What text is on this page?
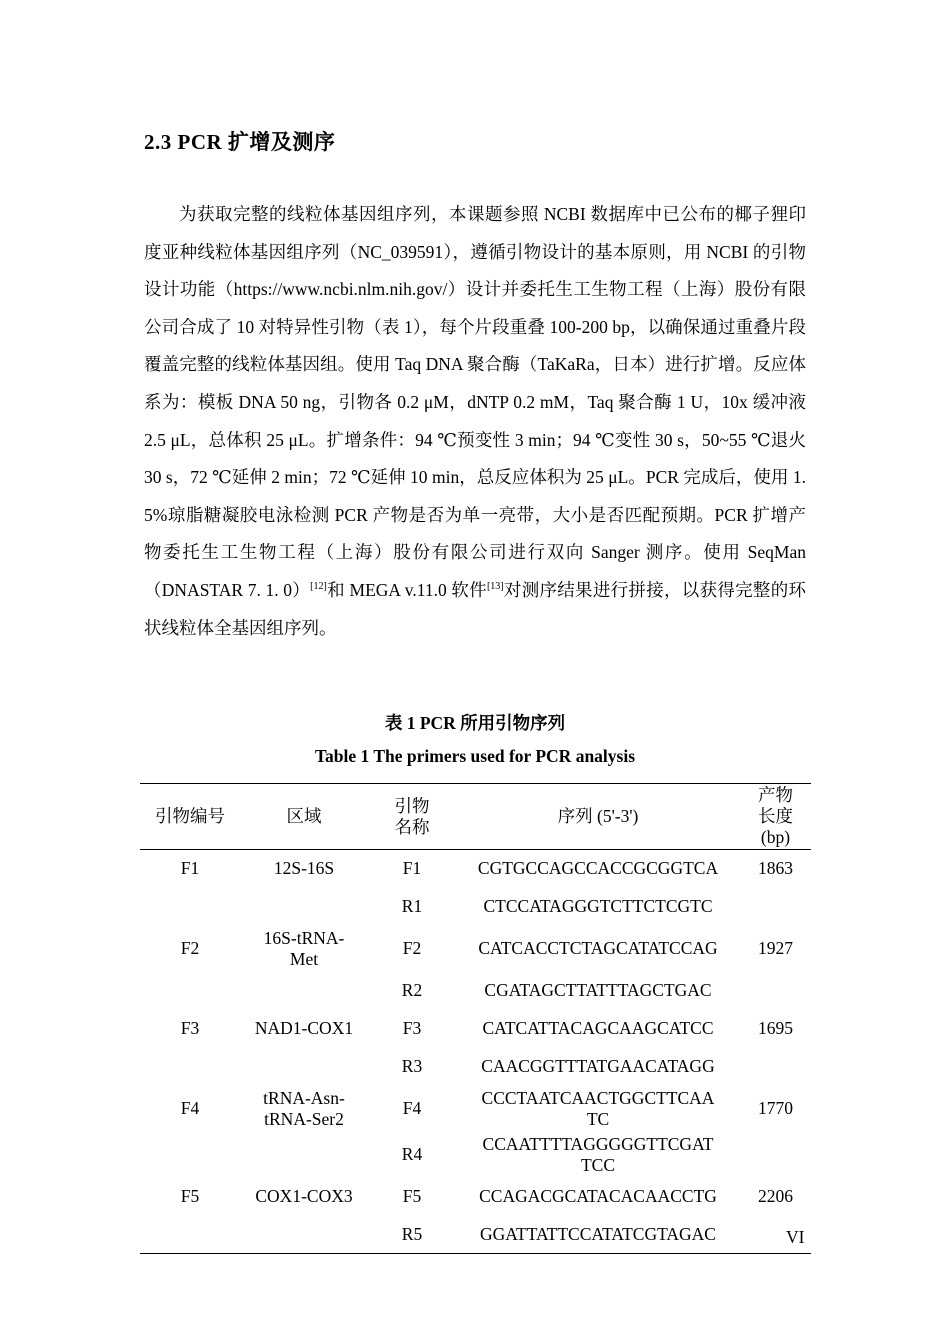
2.3 PCR 扩增及测序
为获取完整的线粒体基因组序列，本课题参照 NCBI 数据库中已公布的椰子狸印度亚种线粒体基因组序列（NC_039591），遵循引物设计的基本原则，用 NCBI 的引物设计功能（https://www.ncbi.nlm.nih.gov/）设计并委托生工生物工程（上海）股份有限公司合成了 10 对特异性引物（表 1），每个片段重叠 100-200 bp，以确保通过重叠片段覆盖完整的线粒体基因组。使用 Taq DNA 聚合酶（TaKaRa，日本）进行扩增。反应体系为：模板 DNA 50 ng，引物各 0.2 μM，dNTP 0.2 mM，Taq 聚合酶 1 U，10x 缓冲液 2.5 μL，总体积 25 μL。扩增条件：94 ℃预变性 3 min；94 ℃变性 30 s，50~55 ℃退火 30 s，72 ℃延伸 2 min；72 ℃延伸 10 min，总反应体积为 25 μL。PCR 完成后，使用 1. 5%琼脂糖凝胶电泳检测 PCR 产物是否为单一亮带，大小是否匹配预期。PCR 扩增产物委托生工生物工程（上海）股份有限公司进行双向 Sanger 测序。使用 SeqMan（DNASTAR 7. 1. 0）[12]和 MEGA v.11.0 软件[13]对测序结果进行拼接，以获得完整的环状线粒体全基因组序列。
表 1 PCR 所用引物序列
Table 1 The primers used for PCR analysis
引物编号	区域	引物名称	序列 (5'-3')	产物长度(bp)
F1	12S-16S	F1	CGTGCCAGCCACCGCGGTCA	1863
		R1	CTCCATAGGGTCTTCTCGTC	
F2	16S-tRNA-Met	F2	CATCACCTCTAGCATATCCAG	1927
		R2	CGATAGCTTATTTAGCTGAC	
F3	NAD1-COX1	F3	CATCATTACAGCAAGCATCC	1695
		R3	CAACGGTTTATGAACATAGG	
F4	tRNA-Asn-tRNA-Ser2	F4	CCCTAATCAACTGGCTTCAATC	1770
		R4	CCAATTTTAGGGGGTTCGATTCC	
F5	COX1-COX3	F5	CCAGACGCATACACAACCTG	2206
		R5	GGATTATTCCATATCGTAGAC		VI
